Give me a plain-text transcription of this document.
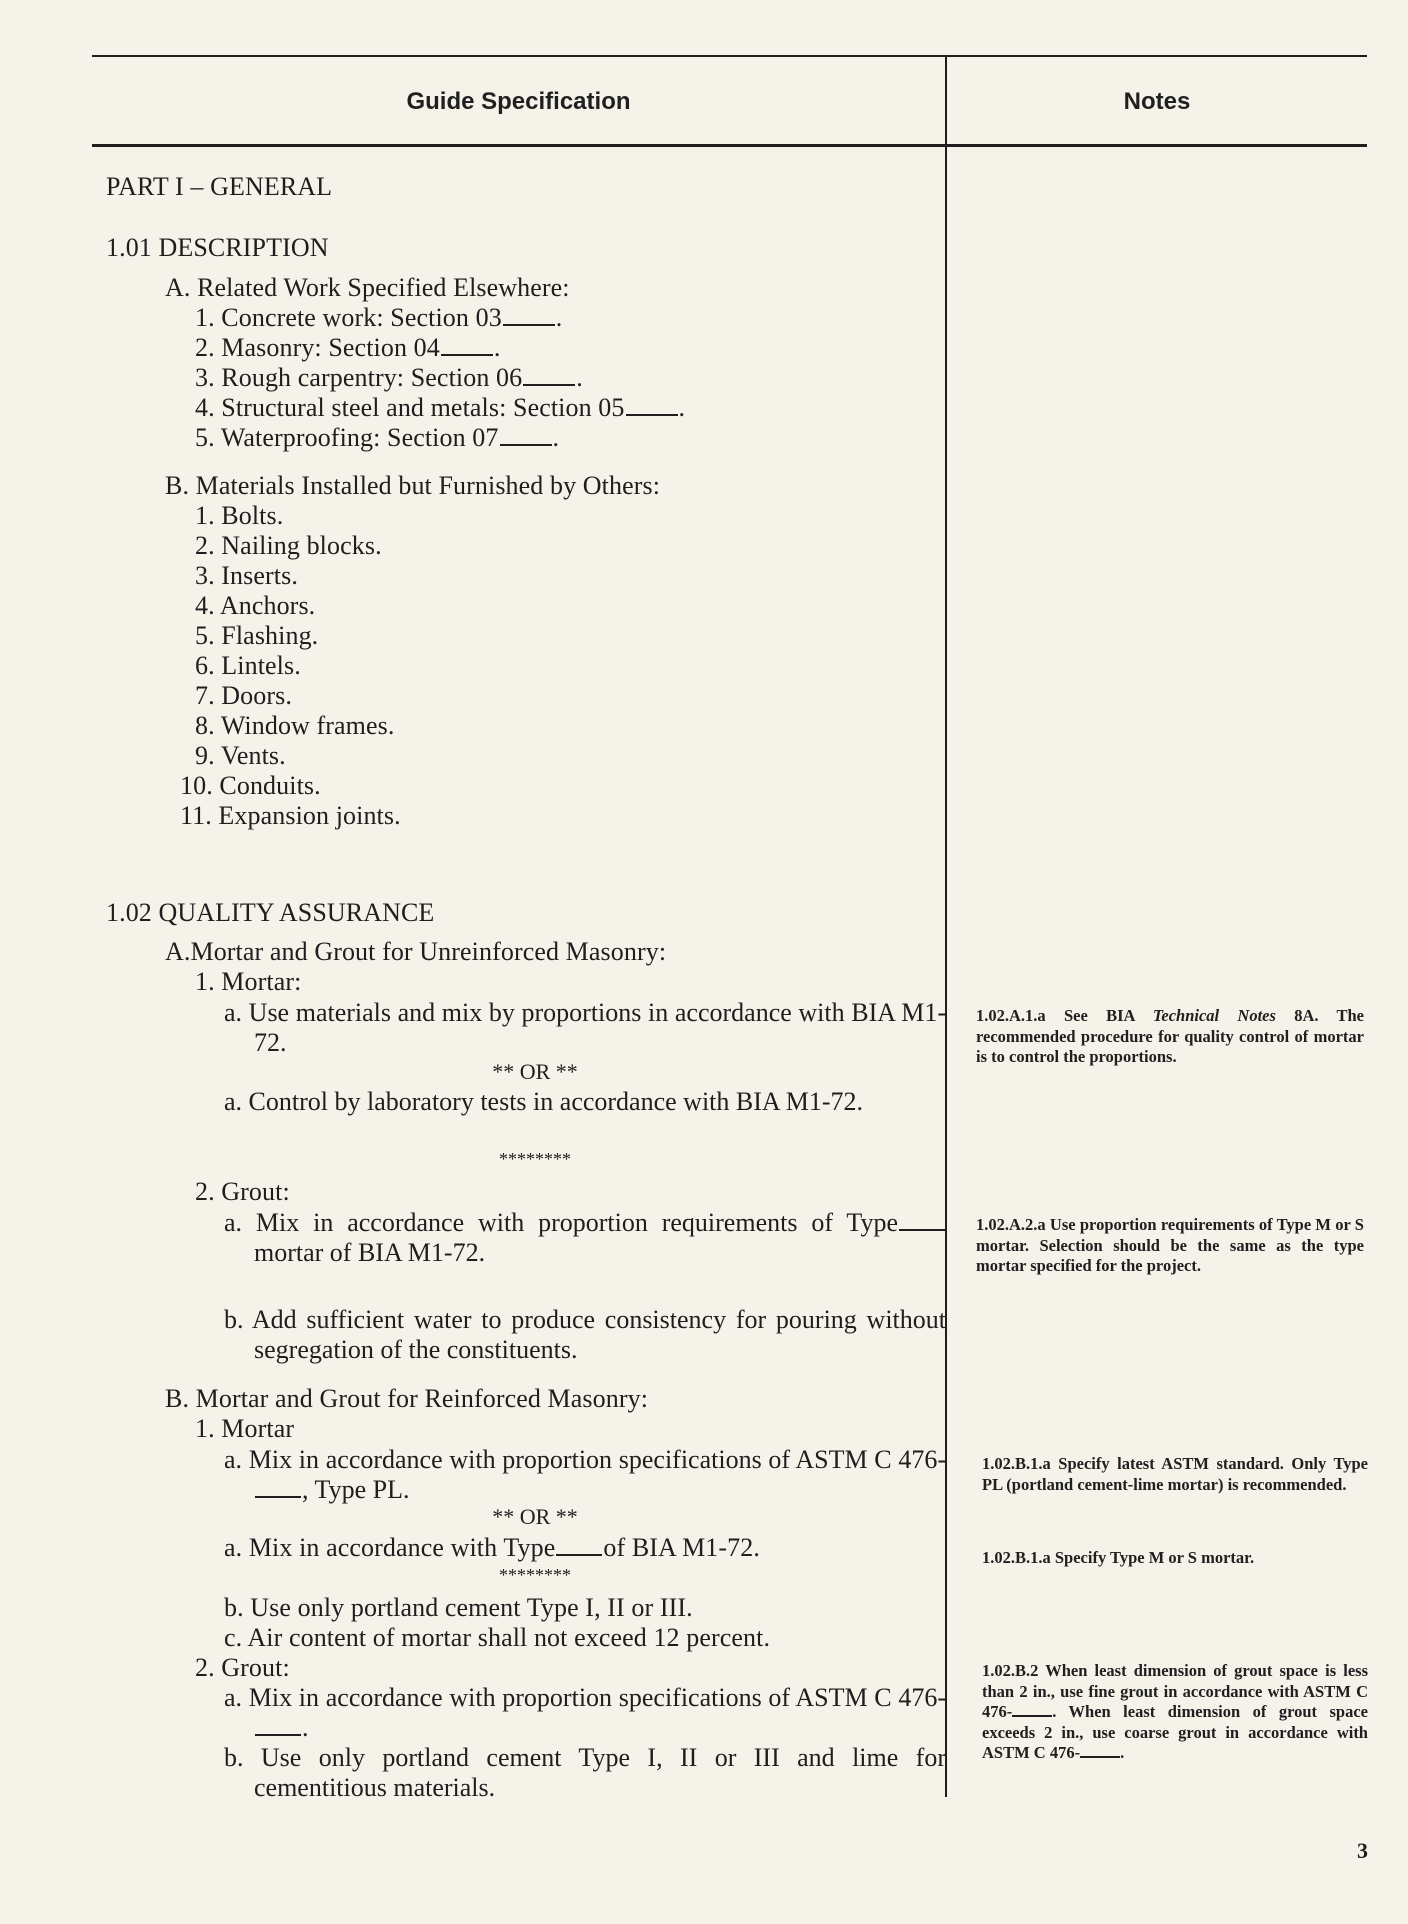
Guide Specification	Notes
PART I – GENERAL
1.01 DESCRIPTION
A. Related Work Specified Elsewhere:
1. Concrete work: Section 03 .
2. Masonry: Section 04 .
3. Rough carpentry: Section 06 .
4. Structural steel and metals: Section 05 .
5. Waterproofing: Section 07 .
B. Materials Installed but Furnished by Others:
1. Bolts.
2. Nailing blocks.
3. Inserts.
4. Anchors.
5. Flashing.
6. Lintels.
7. Doors.
8. Window frames.
9. Vents.
10. Conduits.
11. Expansion joints.
1.02 QUALITY ASSURANCE
A.Mortar and Grout for Unreinforced Masonry:
1. Mortar:
a. Use materials and mix by proportions in accordance with BIA M1-72.
** OR **
a. Control by laboratory tests in accordance with BIA M1-72.
********
2. Grout:
a. Mix in accordance with proportion requirements of Type mortar of BIA M1-72.
b. Add sufficient water to produce consistency for pouring without segregation of the constituents.
B. Mortar and Grout for Reinforced Masonry:
1. Mortar
a. Mix in accordance with proportion specifications of ASTM C 476-, Type PL.
** OR **
a. Mix in accordance with Type of BIA M1-72.
********
b. Use only portland cement Type I, II or III.
c. Air content of mortar shall not exceed 12 percent.
2. Grout:
a. Mix in accordance with proportion specifications of ASTM C 476-.
b. Use only portland cement Type I, II or III and lime for cementitious materials.
1.02.A.1.a See BIA Technical Notes 8A. The recommended procedure for quality control of mortar is to control the proportions.
1.02.A.2.a Use proportion requirements of Type M or S mortar. Selection should be the same as the type mortar specified for the project.
1.02.B.1.a Specify latest ASTM standard. Only Type PL (portland cement-lime mortar) is recommended.
1.02.B.1.a Specify Type M or S mortar.
1.02.B.2 When least dimension of grout space is less than 2 in., use fine grout in accordance with ASTM C 476- . When least dimension of grout space exceeds 2 in., use coarse grout in accordance with ASTM C 476- .
3
